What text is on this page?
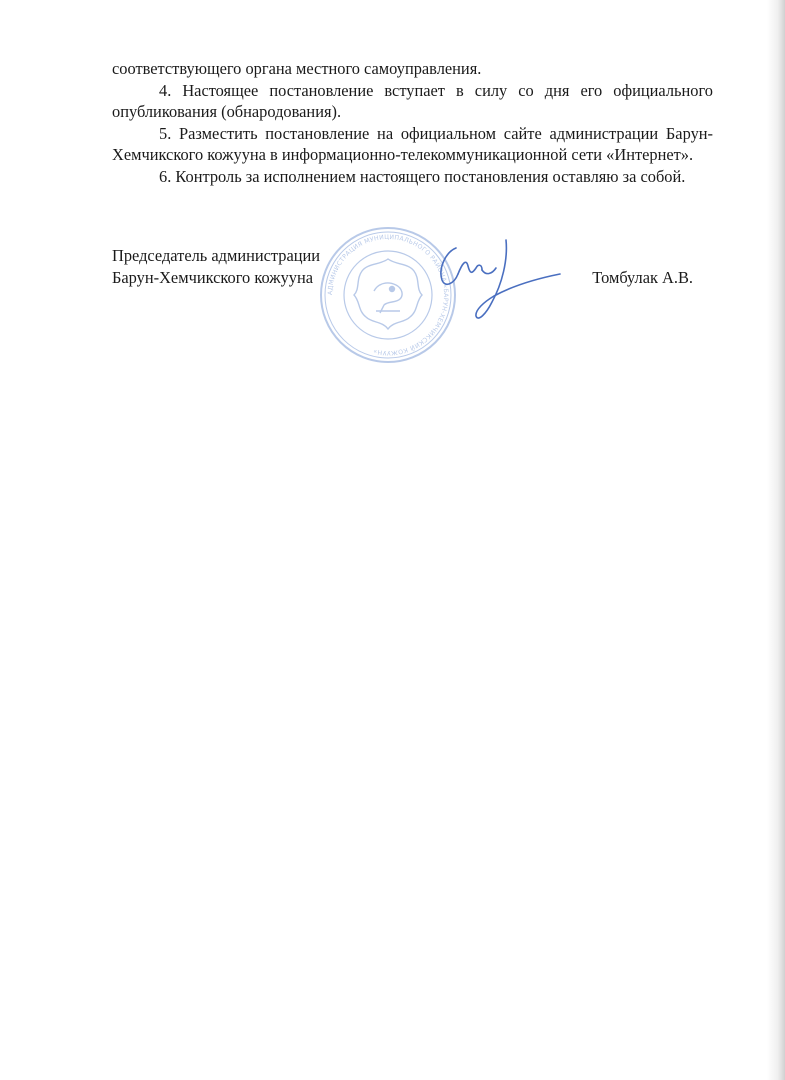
соответствующего органа местного самоуправления.

4. Настоящее постановление вступает в силу со дня его официального опубликования (обнародования).

5. Разместить постановление на официальном сайте администрации Барун-Хемчикского кожууна в информационно-телекоммуникационной сети «Интернет».

6. Контроль за исполнением настоящего постановления оставляю за собой.

Председатель администрации
Барун-Хемчикского кожууна	Томбулак А.В.
АДМИНИСТРАЦИЯ МУНИЦИПАЛЬНОГО РАЙОНА «БАРУН-ХЕМЧИКСКИЙ КОЖУУН»
